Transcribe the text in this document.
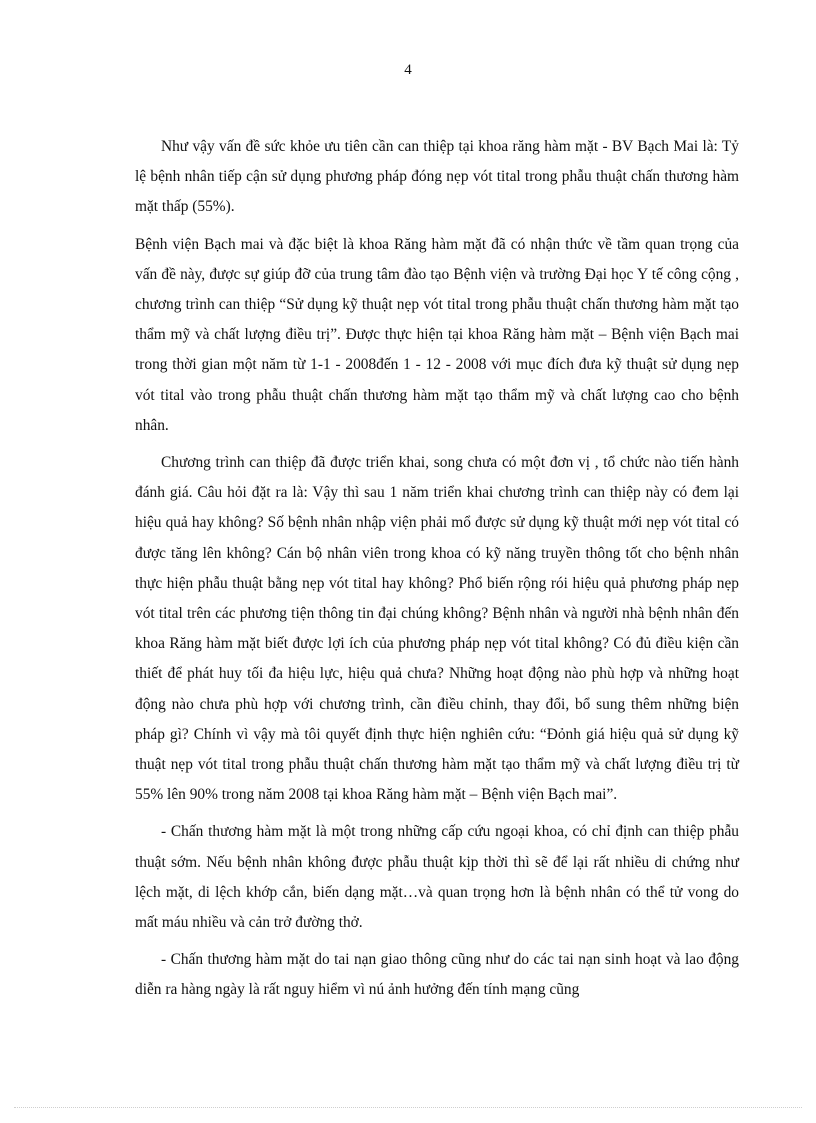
4

Như vậy vấn đề sức khỏe ưu tiên cần can thiệp tại khoa răng hàm mặt - BV Bạch Mai là: Tỷ lệ bệnh nhân tiếp cận sử dụng phương pháp đóng nẹp vót tital trong phẫu thuật chấn thương hàm mặt thấp (55%).

Bệnh viện Bạch mai và đặc biệt là khoa Răng hàm mặt đã có nhận thức về tầm quan trọng của vấn đề này, được sự giúp đỡ của trung tâm đào tạo Bệnh viện và trường Đại học Y tế công cộng , chương trình can thiệp “Sử dụng kỹ thuật nẹp vót tital trong phẫu thuật chấn thương hàm mặt tạo thẩm mỹ và chất lượng điều trị”. Được thực hiện tại khoa Răng hàm mặt – Bệnh viện Bạch mai trong thời gian một năm từ 1-1 - 2008đến 1 - 12 - 2008 với mục đích đưa kỹ thuật sử dụng nẹp vót tital vào trong phẫu thuật chấn thương hàm mặt tạo thẩm mỹ và chất lượng cao cho bệnh nhân.

Chương trình can thiệp đã được triển khai, song chưa có một đơn vị , tổ chức nào tiến hành đánh giá. Câu hỏi đặt ra là: Vậy thì sau 1 năm triển khai chương trình can thiệp này có đem lại hiệu quả hay không? Số bệnh nhân nhập viện phải mổ được sử dụng kỹ thuật mới nẹp vót tital có được tăng lên không? Cán bộ nhân viên trong khoa có kỹ năng truyền thông tốt cho bệnh nhân thực hiện phẫu thuật bằng nẹp vót tital hay không? Phổ biến rộng rói hiệu quả phương pháp nẹp vót tital trên các phương tiện thông tin đại chúng không? Bệnh nhân và người nhà bệnh nhân đến khoa Răng hàm mặt biết được lợi ích của phương pháp nẹp vót tital không? Có đủ điều kiện cần thiết để phát huy tối đa hiệu lực, hiệu quả chưa? Những hoạt động nào phù hợp và những hoạt động nào chưa phù hợp với chương trình, cần điều chỉnh, thay đổi, bổ sung thêm những biện pháp gì? Chính vì vậy mà tôi quyết định thực hiện nghiên cứu: “Đỏnh giá hiệu quả sử dụng kỹ thuật nẹp vót tital trong phẫu thuật chấn thương hàm mặt tạo thẩm mỹ và chất lượng điều trị từ 55% lên 90% trong năm 2008 tại khoa Răng hàm mặt – Bệnh viện Bạch mai”.

- Chấn thương hàm mặt là một trong những cấp cứu ngoại khoa, có chỉ định can thiệp phẫu thuật sớm. Nếu bệnh nhân không được phẫu thuật kịp thời thì sẽ để lại rất nhiều di chứng như lệch mặt, di lệch khớp cắn, biến dạng mặt…và quan trọng hơn là bệnh nhân có thể tử vong do mất máu nhiều và cản trở đường thở.

- Chấn thương hàm mặt do tai nạn giao thông cũng như do các tai nạn sinh hoạt và lao động diễn ra hàng ngày là rất nguy hiểm vì nú ảnh hưởng đến tính mạng cũng
